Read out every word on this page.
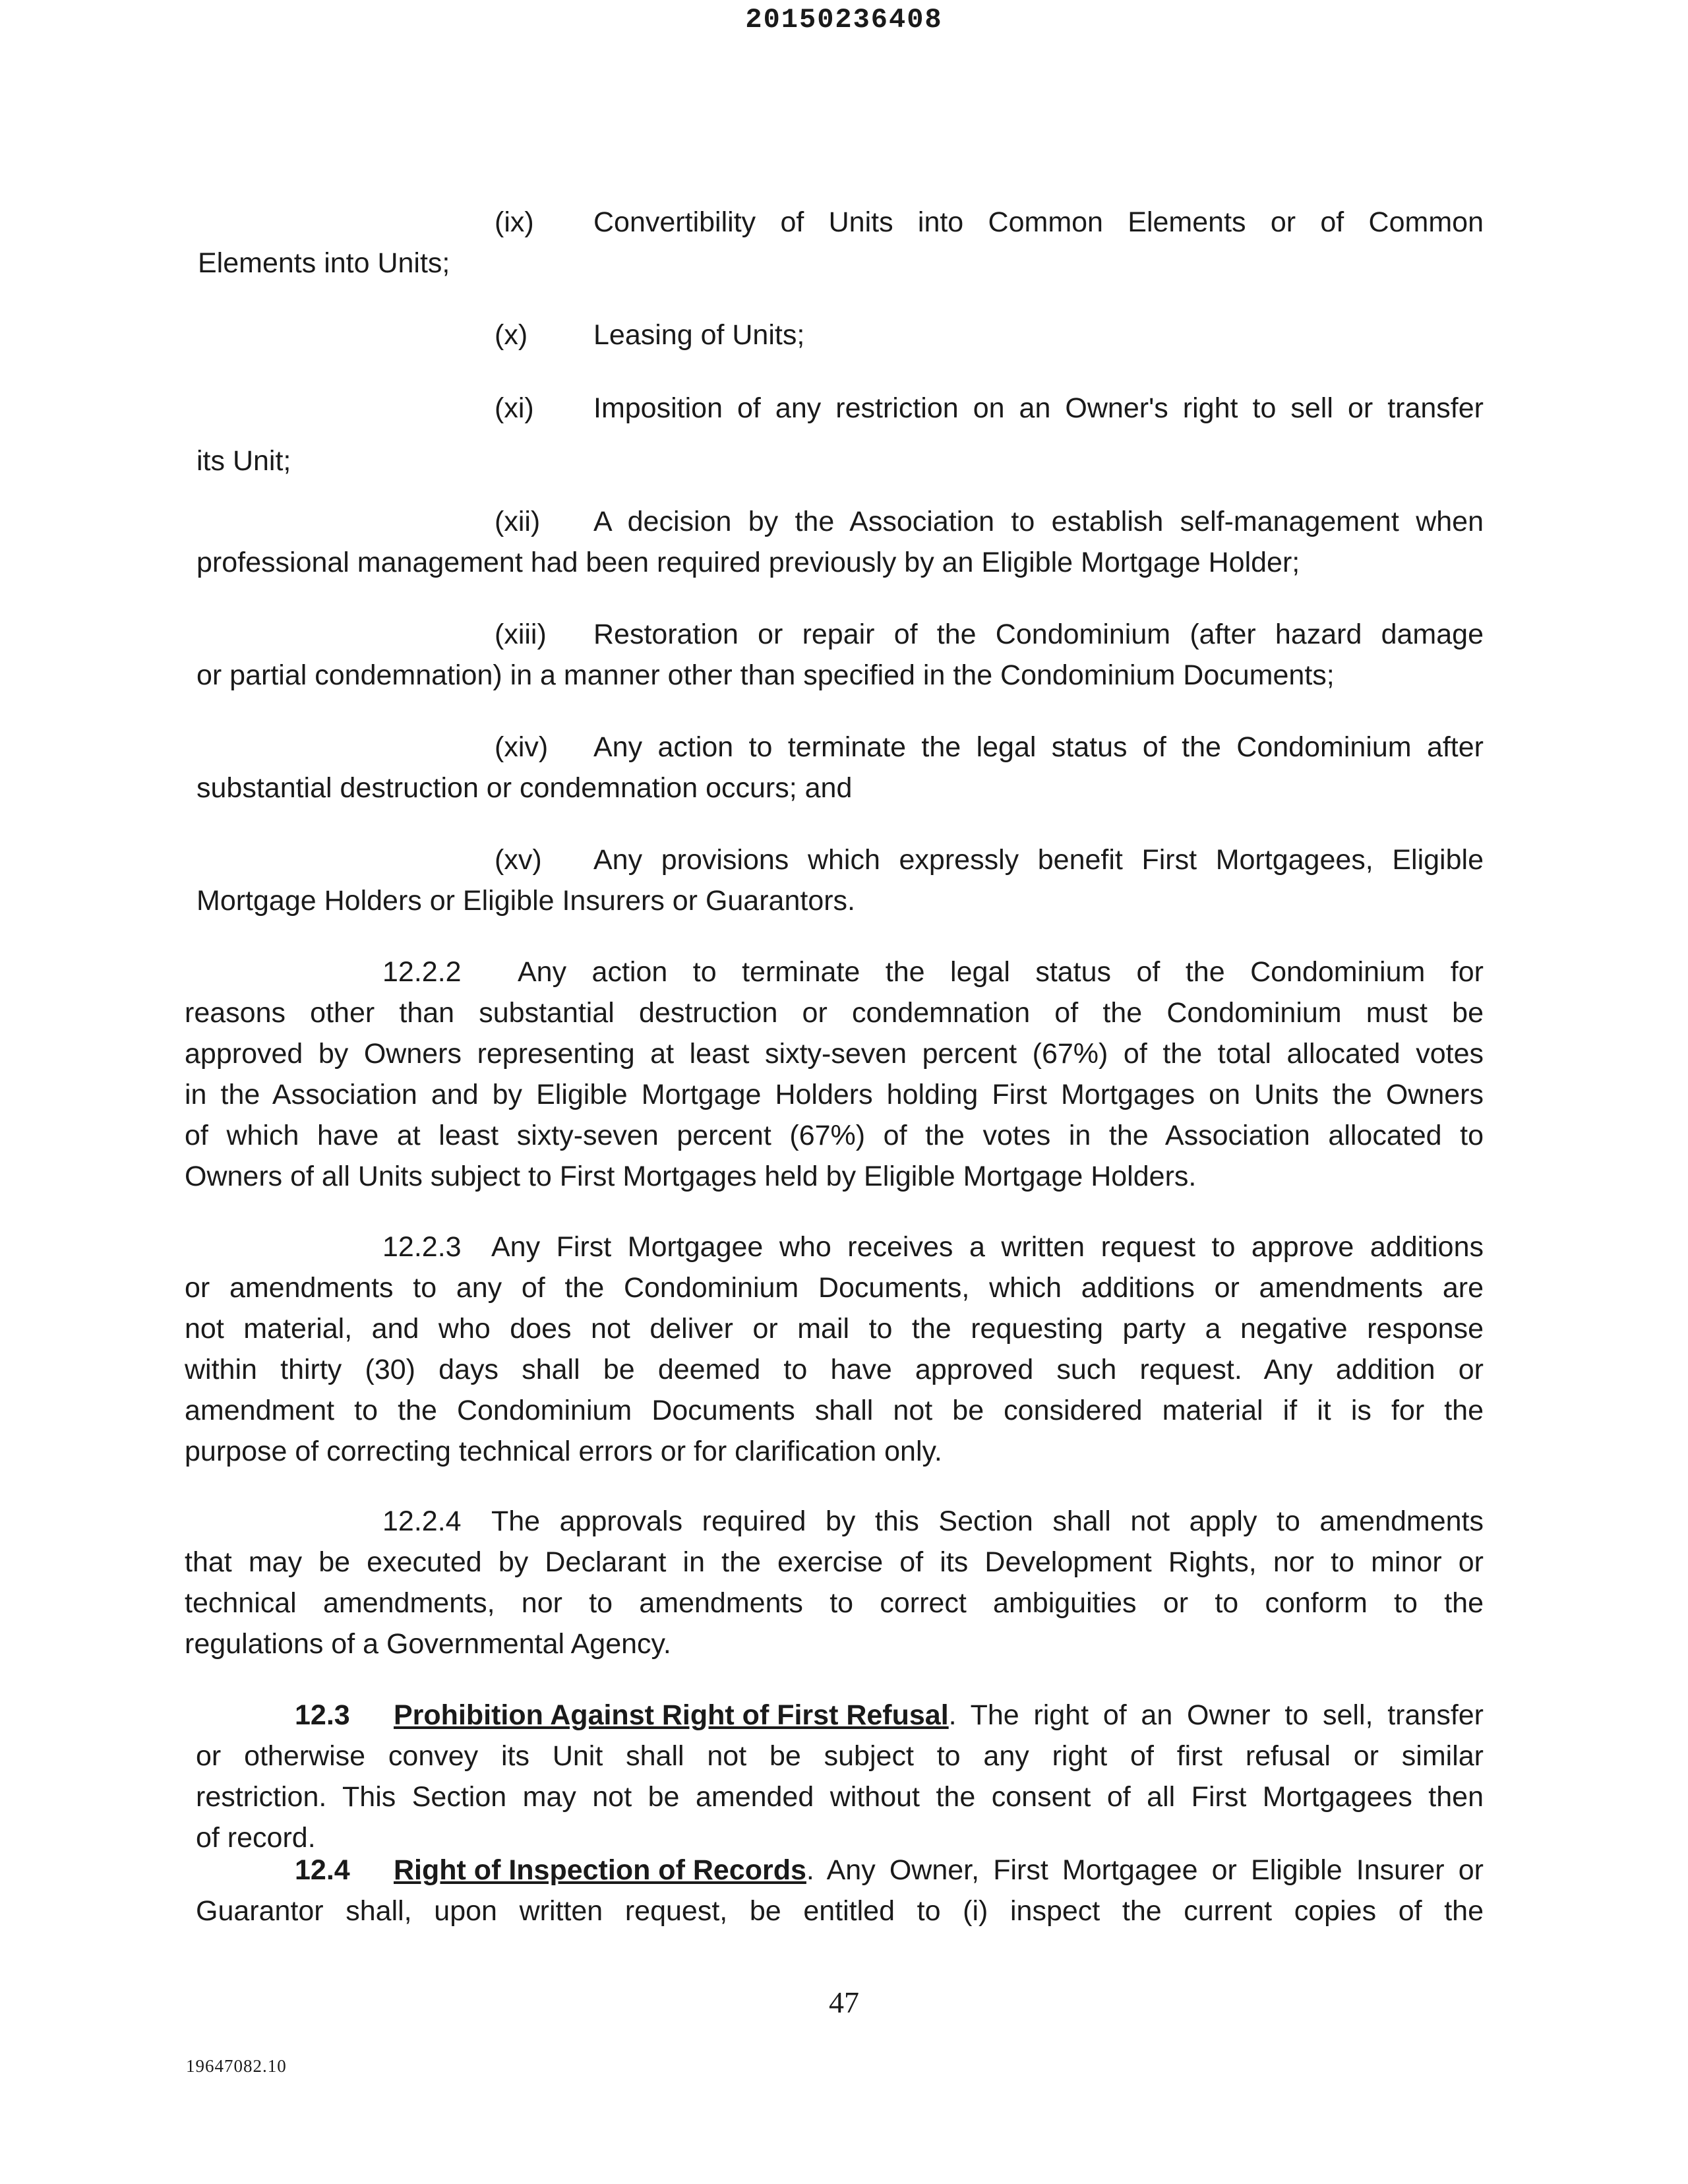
20150236408
(ix) Convertibility of Units into Common Elements or of Common
Elements into Units;
(x) Leasing of Units;
(xi) Imposition of any restriction on an Owner's right to sell or transfer
its Unit;
(xii) A decision by the Association to establish self-management when
professional management had been required previously by an Eligible Mortgage Holder;
(xiii) Restoration or repair of the Condominium (after hazard damage
or partial condemnation) in a manner other than specified in the Condominium Documents;
(xiv) Any action to terminate the legal status of the Condominium after
substantial destruction or condemnation occurs; and
(xv) Any provisions which expressly benefit First Mortgagees, Eligible
Mortgage Holders or Eligible Insurers or Guarantors.
12.2.2 Any action to terminate the legal status of the Condominium for
reasons other than substantial destruction or condemnation of the Condominium must be
approved by Owners representing at least sixty-seven percent (67%) of the total allocated votes
in the Association and by Eligible Mortgage Holders holding First Mortgages on Units the Owners
of which have at least sixty-seven percent (67%) of the votes in the Association allocated to
Owners of all Units subject to First Mortgages held by Eligible Mortgage Holders.
12.2.3 Any First Mortgagee who receives a written request to approve additions
or amendments to any of the Condominium Documents, which additions or amendments are
not material, and who does not deliver or mail to the requesting party a negative response
within thirty (30) days shall be deemed to have approved such request. Any addition or
amendment to the Condominium Documents shall not be considered material if it is for the
purpose of correcting technical errors or for clarification only.
12.2.4 The approvals required by this Section shall not apply to amendments
that may be executed by Declarant in the exercise of its Development Rights, nor to minor or
technical amendments, nor to amendments to correct ambiguities or to conform to the
regulations of a Governmental Agency.
12.3 Prohibition Against Right of First Refusal . The right of an Owner to sell, transfer
or otherwise convey its Unit shall not be subject to any right of first refusal or similar
restriction. This Section may not be amended without the consent of all First Mortgagees then
of record.
12.4 Right of Inspection of Records . Any Owner, First Mortgagee or Eligible Insurer or
Guarantor shall, upon written request, be entitled to (i) inspect the current copies of the
47
19647082.10
